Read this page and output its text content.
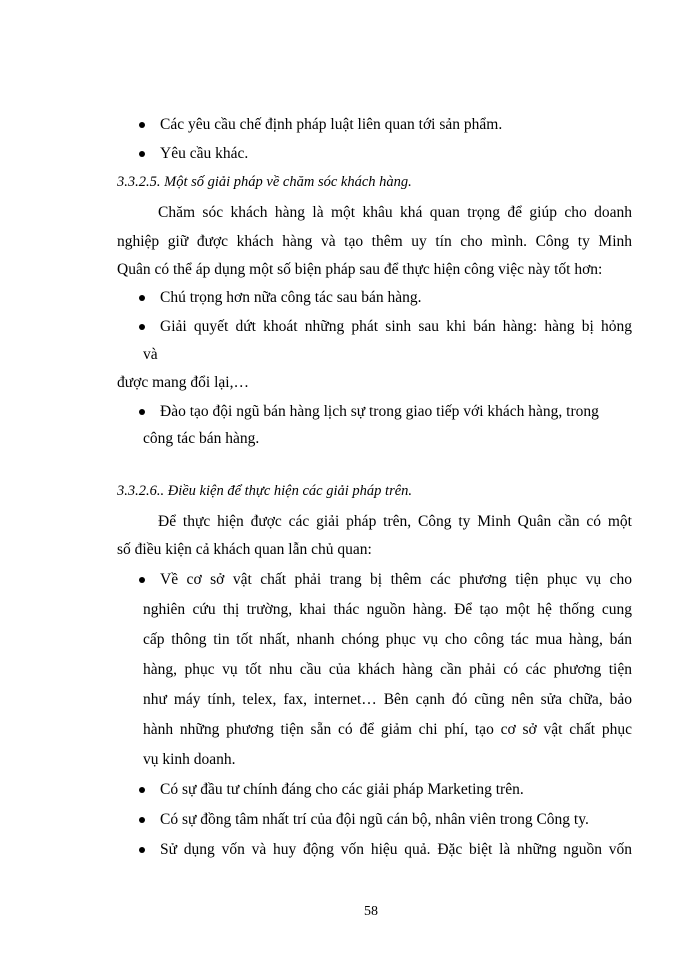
Các yêu cầu chế định pháp luật liên quan tới sản phẩm.
Yêu cầu khác.
3.3.2.5. Một số giải pháp về chăm sóc khách hàng.
Chăm sóc khách hàng là một khâu khá quan trọng để giúp cho doanh
nghiệp giữ được khách hàng và tạo thêm uy tín cho mình. Công ty Minh
Quân có thể áp dụng một số biện pháp sau để thực hiện công việc này tốt hơn:
Chú trọng hơn nữa công tác sau bán hàng.
Giải quyết dứt khoát những phát sinh sau khi bán hàng: hàng bị hỏng
và
được mang đổi lại,…
Đào tạo đội ngũ bán hàng lịch sự trong giao tiếp với khách hàng, trong
công tác bán hàng.
3.3.2.6.. Điều kiện để thực hiện các giải pháp trên.
Để thực hiện được các giải pháp trên, Công ty Minh Quân cần có một
số điều kiện cả khách quan lẫn chủ quan:
Về cơ sở vật chất phải trang bị thêm các phương tiện phục vụ cho
nghiên cứu thị trường, khai thác nguồn hàng. Để tạo một hệ thống cung
cấp thông tin tốt nhất, nhanh chóng phục vụ cho công tác mua hàng, bán
hàng, phục vụ tốt nhu cầu của khách hàng cần phải có các phương tiện
như máy tính, telex, fax, internet… Bên cạnh đó cũng nên sửa chữa, bảo
hành những phương tiện sẵn có để giảm chi phí, tạo cơ sở vật chất phục
vụ kinh doanh.
Có sự đầu tư chính đáng cho các giải pháp Marketing trên.
Có sự đồng tâm nhất trí của đội ngũ cán bộ, nhân viên trong Công ty.
Sử dụng vốn và huy động vốn hiệu quả. Đặc biệt là những nguồn vốn
58
